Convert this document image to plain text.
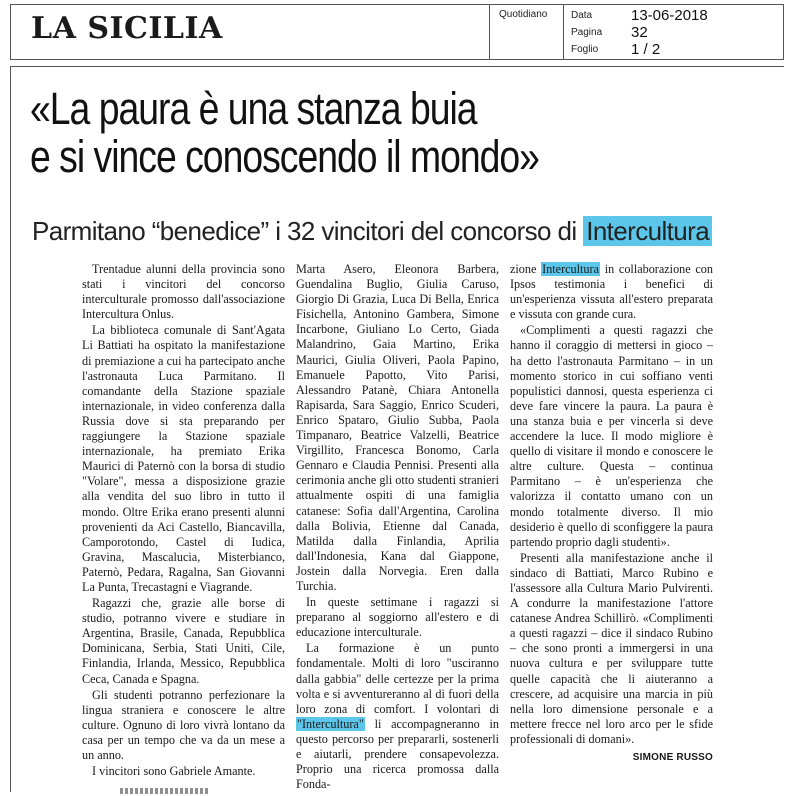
LA SICILIA	Quotidiano Data	13-06-2018
Pagina	32
Foglio	1 / 2
«La paura è una stanza buia
e si vince conoscendo il mondo»
Parmitano “benedice” i 32 vincitori del concorso di Intercultura

Trentadue alunni della provincia sono stati i vincitori del concorso interculturale promosso dall'associazione Intercultura Onlus.

La biblioteca comunale di Sant'Agata Li Battiati ha ospitato la manifestazione di premiazione a cui ha partecipato anche l'astronauta Luca Parmitano. Il comandante della Stazione spaziale internazionale, in video conferenza dalla Russia dove si sta preparando per raggiungere la Stazione spaziale internazionale, ha premiato Erika Maurici di Paternò con la borsa di studio "Volare", messa a disposizione grazie alla vendita del suo libro in tutto il mondo. Oltre Erika erano presenti alunni provenienti da Aci Castello, Biancavilla, Camporotondo, Castel di Iudica, Gravina, Mascalucia, Misterbianco, Paternò, Pedara, Ragalna, San Giovanni La Punta, Trecastagni e Viagrande.

Ragazzi che, grazie alle borse di studio, potranno vivere e studiare in Argentina, Brasile, Canada, Repubblica Dominicana, Serbia, Stati Uniti, Cile, Finlandia, Irlanda, Messico, Repubblica Ceca, Canada e Spagna.

Gli studenti potranno perfezionare la lingua straniera e conoscere le altre culture. Ognuno di loro vivrà lontano da casa per un tempo che va da un mese a un anno.

I vincitori sono Gabriele Amante.

Marta Asero, Eleonora Barbera, Guendalina Buglio, Giulia Caruso, Giorgio Di Grazia, Luca Di Bella, Enrica Fisichella, Antonino Gambera, Simone Incarbone, Giuliano Lo Certo, Giada Malandrino, Gaia Martino, Erika Maurici, Giulia Oliveri, Paola Papino, Emanuele Papotto, Vito Parisi, Alessandro Patanè, Chiara Antonella Rapisarda, Sara Saggio, Enrico Scuderi, Enrico Spataro, Giulio Subba, Paola Timpanaro, Beatrice Valzelli, Beatrice Virgillito, Francesca Bonomo, Carla Gennaro e Claudia Pennisi. Presenti alla cerimonia anche gli otto studenti stranieri attualmente ospiti di una famiglia catanese: Sofia dall'Argentina, Carolina dalla Bolivia, Etienne dal Canada, Matilda dalla Finlandia, Aprilia dall'Indonesia, Kana dal Giappone, Jostein dalla Norvegia. Eren dalla Turchia.

In queste settimane i ragazzi si preparano al soggiorno all'estero e di educazione interculturale.

La formazione è un punto fondamentale. Molti di loro "usciranno dalla gabbia" delle certezze per la prima volta e si avventureranno al di fuori della loro zona di comfort. I volontari di "Intercultura" li accompagneranno in questo percorso per prepararli, sostenerli e aiutarli, prendere consapevolezza. Proprio una ricerca promossa dalla Fonda-

zione Intercultura in collaborazione con Ipsos testimonia i benefici di un'esperienza vissuta all'estero preparata e vissuta con grande cura.

«Complimenti a questi ragazzi che hanno il coraggio di mettersi in gioco – ha detto l'astronauta Parmitano – in un momento storico in cui soffiano venti populistici dannosi, questa esperienza ci deve fare vincere la paura. La paura è una stanza buia e per vincerla si deve accendere la luce. Il modo migliore è quello di visitare il mondo e conoscere le altre culture. Questa – continua Parmitano – è un'esperienza che valorizza il contatto umano con un mondo totalmente diverso. Il mio desiderio è quello di sconfiggere la paura partendo proprio dagli studenti».

Presenti alla manifestazione anche il sindaco di Battiati, Marco Rubino e l'assessore alla Cultura Mario Pulvirenti. A condurre la manifestazione l'attore catanese Andrea Schillirò. «Complimenti a questi ragazzi – dice il sindaco Rubino – che sono pronti a immergersi in una nuova cultura e per sviluppare tutte quelle capacità che li aiuteranno a crescere, ad acquisire una marcia in più nella loro dimensione personale e a mettere frecce nel loro arco per le sfide professionali di domani».

SIMONE RUSSO
